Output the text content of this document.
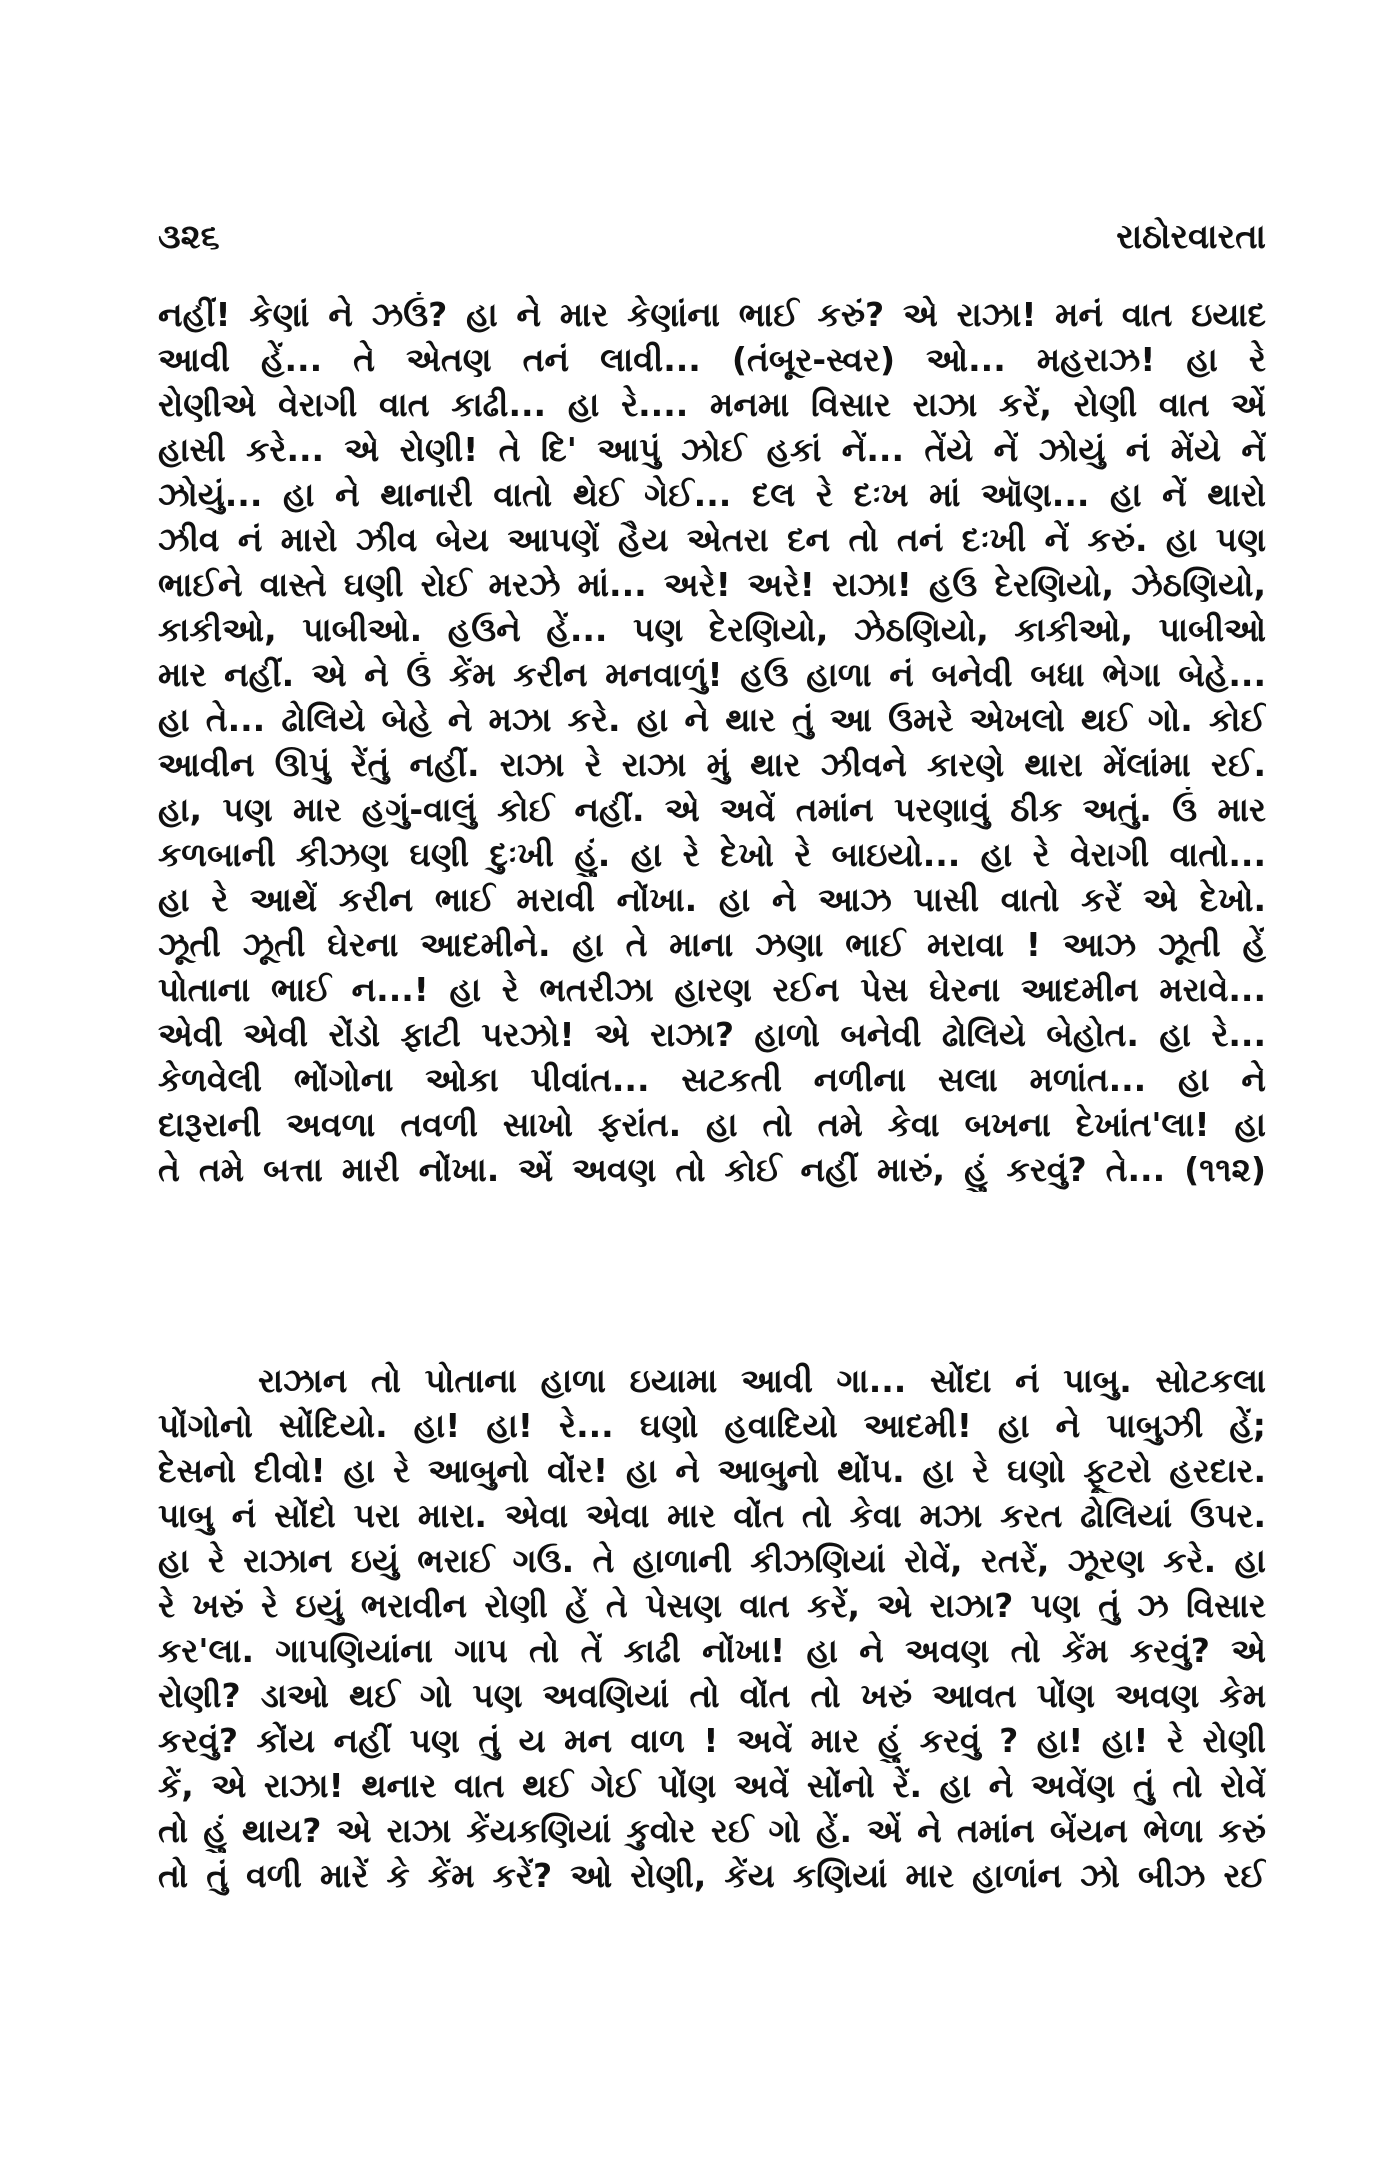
૩૨૬	રાઠોરવારતા
નહીં! કેણાં ને ઝઉં? હા ને માર કેણાંના ભાઈ કરું? એ રાઝા! મનં વાત ઇયાદ
આવી હેં... તે એતણ તનં લાવી... (તંબૂર-સ્વર) ઓ... મહરાઝ! હા રે
રોણીએ વેરાગી વાત કાઢી... હા રે.... મનમા વિસાર રાઝા કરેં, રોણી વાત એં
હાસી કરે... એ રોણી! તે દિ' આપું ઝોઈ હકાં નેં... તેંયે નેં ઝોયું નં મેંયે નેં
ઝોયું... હા ને થાનારી વાતો થેઈ ગેઈ... દલ રે દઃખ માં ઑણ... હા નેં થારો
ઝીવ નં મારો ઝીવ બેય આપણેં હૈય એતરા દન તો તનં દઃખી નેં કરું. હા પણ
ભાઈને વાસ્તે ઘણી રોઈ મરઝે માં... અરે! અરે! રાઝા! હઉ દેરણિયો, ઝેઠણિયો,
કાકીઓ, પાબીઓ. હઉને હેં... પણ દેરણિયો, ઝેઠણિયો, કાકીઓ, પાબીઓ
માર નહીં. એ ને ઉં કેંમ કરીન મનવાળું! હઉ હાળા નં બનેવી બધા ભેગા બેહે...
હા તે... ઢોલિયે બેહે ને મઝા કરે. હા ને થાર તું આ ઉમરે એખલો થઈ ગો. કોઈ
આવીન ઊપું રેંતું નહીં. રાઝા રે રાઝા મું થાર ઝીવને કારણે થારા મેંલાંમા રઈ.
હા, પણ માર હગું-વાલું કોઈ નહીં. એ અવેં તમાંન પરણાવું ઠીક અતું. ઉં માર
કળબાની કીઝણ ઘણી દુઃખી હું. હા રે દેખો રે બાઇયો... હા રે વેરાગી વાતો...
હા રે આથેં કરીન ભાઈ મરાવી નોંખા. હા ને આઝ પાસી વાતો કરેં એ દેખો.
ઝૂતી ઝૂતી ઘેરના આદમીને. હા તે માના ઝણા ભાઈ મરાવા ! આઝ ઝૂતી હેં
પોતાના ભાઈ ન...! હા રે ભતરીઝા હારણ રઈન પેસ ઘેરના આદમીન મરાવે...
એવી એવી રોંડો ફાટી પરઝો! એ રાઝા? હાળો બનેવી ઢોલિયે બેહોત. હા રે...
કેળવેલી ભોંગોના ઓકા પીવાંત... સટકતી નળીના સલા મળાંત... હા ને
દારૂરાની અવળા તવળી સાખો ફરાંત. હા તો તમે કેવા બખના દેખાંત'લા! હા
તે તમે બત્તા મારી નોંખા. એં અવણ તો કોઈ નહીં મારું, હું કરવું? તે... (૧૧૨)
રાઝાન તો પોતાના હાળા ઇયામા આવી ગા... સોંદા નં પાબુ. સોટકલા
પોંગોનો સોંદિયો. હા! હા! રે... ઘણો હવાદિયો આદમી! હા ને પાબુઝી હેં;
દેસનો દીવો! હા રે આબુનો વોંર! હા ને આબુનો થોંપ. હા રે ઘણો ફૂટરો હરદાર.
પાબુ નં સોંદો પરા મારા. એવા એવા માર વોંત તો કેવા મઝા કરત ઢોલિયાં ઉપર.
હા રે રાઝાન ઇયું ભરાઈ ગઉ. તે હાળાની કીઝણિયાં રોવેં, રતરેં, ઝૂરણ કરે. હા
રે ખરું રે ઇયું ભરાવીન રોણી હેં તે પેસણ વાત કરેં, એ રાઝા? પણ તું ઝ વિસાર
કર'લા. ગાપણિયાંના ગાપ તો તેં કાઢી નોંખા! હા ને અવણ તો કેંમ કરવું? એ
રોણી? ડાઓ થઈ ગો પણ અવણિયાં તો વોંત તો ખરું આવત પોંણ અવણ કેમ
કરવું? કોંય નહીં પણ તું ય મન વાળ ! અવેં માર હું કરવું ? હા! હા! રે રોણી
કેં, એ રાઝા! થનાર વાત થઈ ગેઈ પોંણ અવેં સોંનો રેં. હા ને અવેંણ તું તો રોવેં
તો હું થાય? એ રાઝા કેંયકણિયાં કુવોર રઈ ગો હેં. એં ને તમાંન બેંયન ભેળા કરું
તો તું વળી મારેં કે કેંમ કરેં? ઓ રોણી, કેંય કણિયાં માર હાળાંન ઝો બીઝ રઈ
